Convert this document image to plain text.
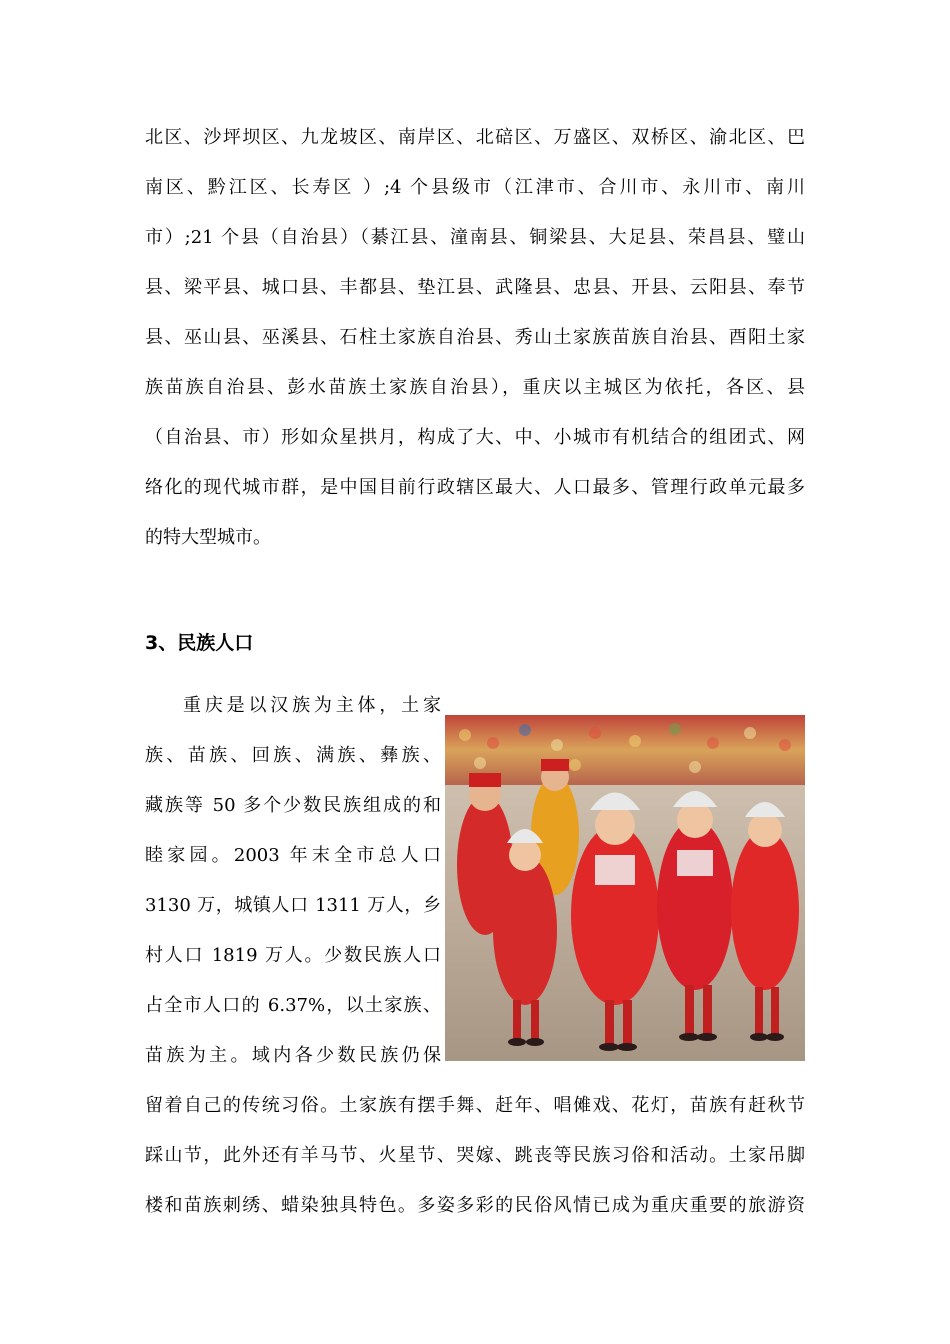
北区、沙坪坝区、九龙坡区、南岸区、北碚区、万盛区、双桥区、渝北区、巴
南区、黔江区、长寿区 ）;4 个县级市（江津市、合川市、永川市、南川
市）;21 个县（自治县）（綦江县、潼南县、铜梁县、大足县、荣昌县、璧山
县、梁平县、城口县、丰都县、垫江县、武隆县、忠县、开县、云阳县、奉节
县、巫山县、巫溪县、石柱土家族自治县、秀山土家族苗族自治县、酉阳土家
族苗族自治县、彭水苗族土家族自治县），重庆以主城区为依托，各区、县
（自治县、市）形如众星拱月，构成了大、中、小城市有机结合的组团式、网
络化的现代城市群，是中国目前行政辖区最大、人口最多、管理行政单元最多
的特大型城市。
3、民族人口
重庆是以汉族为主体，土家
族、苗族、回族、满族、彝族、
藏族等 50 多个少数民族组成的和
睦家园。2003 年末全市总人口
3130 万，城镇人口 1311 万人，乡
村人口 1819 万人。少数民族人口
占全市人口的 6.37%，以土家族、
苗族为主。域内各少数民族仍保
留着自己的传统习俗。土家族有摆手舞、赶年、唱傩戏、花灯，苗族有赶秋节
踩山节，此外还有羊马节、火星节、哭嫁、跳丧等民族习俗和活动。土家吊脚
楼和苗族刺绣、蜡染独具特色。多姿多彩的民俗风情已成为重庆重要的旅游资
